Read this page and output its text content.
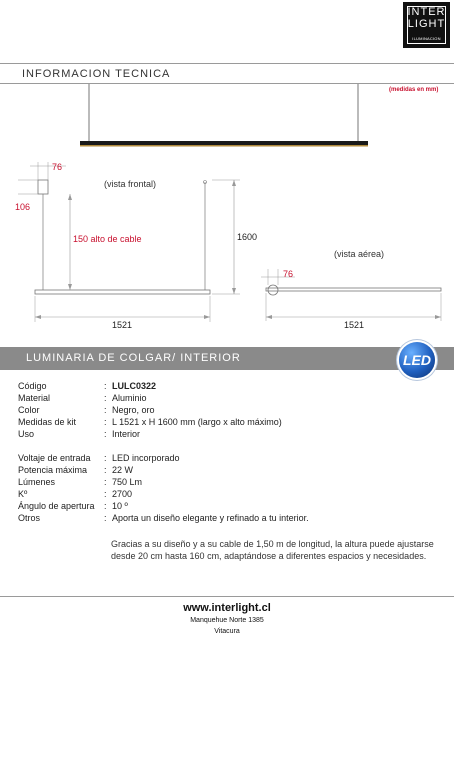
INTER
LIGHT
ILUMINACION
INFORMACION TECNICA
(medidas en mm)
(vista frontal)
76
106
150 alto de cable	1600
1521
(vista aérea)
76
1521
LUMINARIA DE COLGAR/ INTERIOR	LED
Código	: LULC0322
Material	: Aluminio
Color	: Negro, oro
Medidas de kit	: L 1521 x H 1600 mm (largo x alto máximo)
Uso	: Interior
Voltaje de entrada	: LED incorporado
Potencia máxima	: 22 W
Lúmenes	: 750 Lm
Kº	: 2700
Ángulo de apertura	: 10 º
Otros	: Aporta un diseño elegante y refinado a tu interior.
Gracias a su diseño y a su cable de 1,50 m de longitud, la altura puede ajustarse desde 20 cm hasta 160 cm, adaptándose a diferentes espacios y necesidades.
www.interlight.cl
Manquehue Norte 1385
Vitacura
